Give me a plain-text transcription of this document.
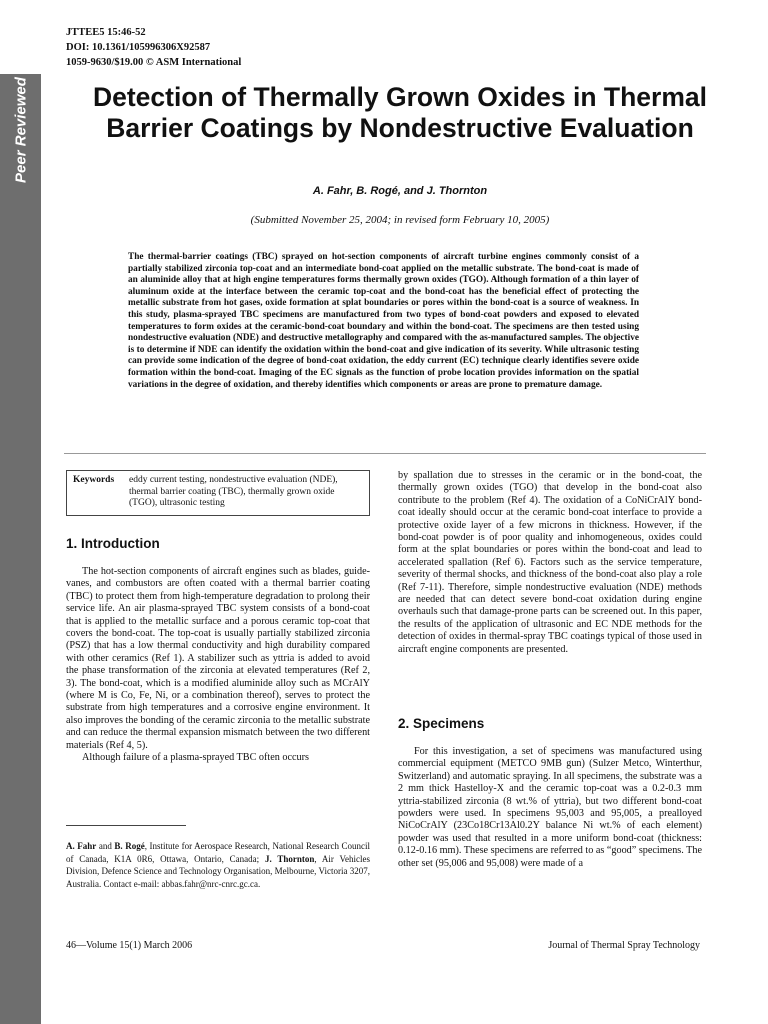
Peer Reviewed
JTTEE5 15:46-52
DOI: 10.1361/105996306X92587
1059-9630/$19.00 © ASM International
Detection of Thermally Grown Oxides in Thermal Barrier Coatings by Nondestructive Evaluation
A. Fahr, B. Rogé, and J. Thornton
(Submitted November 25, 2004; in revised form February 10, 2005)
The thermal-barrier coatings (TBC) sprayed on hot-section components of aircraft turbine engines commonly consist of a partially stabilized zirconia top-coat and an intermediate bond-coat applied on the metallic substrate. The bond-coat is made of an aluminide alloy that at high engine temperatures forms thermally grown oxides (TGO). Although formation of a thin layer of aluminum oxide at the interface between the ceramic top-coat and the bond-coat has the beneficial effect of protecting the metallic substrate from hot gases, oxide formation at splat boundaries or pores within the bond-coat is a source of weakness. In this study, plasma-sprayed TBC specimens are manufactured from two types of bond-coat powders and exposed to elevated temperatures to form oxides at the ceramic-bond-coat boundary and within the bond-coat. The specimens are then tested using nondestructive evaluation (NDE) and destructive metallography and compared with the as-manufactured samples. The objective is to determine if NDE can identify the oxidation within the bond-coat and give indication of its severity. While ultrasonic testing can provide some indication of the degree of bond-coat oxidation, the eddy current (EC) technique clearly identifies severe oxide formation within the bond-coat. Imaging of the EC signals as the function of probe location provides information on the spatial variations in the degree of oxidation, and thereby identifies which components or areas are prone to premature damage.
Keywords	eddy current testing, nondestructive evaluation (NDE), thermal barrier coating (TBC), thermally grown oxide (TGO), ultrasonic testing
1. Introduction

The hot-section components of aircraft engines such as blades, guide-vanes, and combustors are often coated with a thermal barrier coating (TBC) to protect them from high-temperature degradation to prolong their service life. An air plasma-sprayed TBC system consists of a bond-coat that is applied to the metallic surface and a porous ceramic top-coat that covers the bond-coat. The top-coat is usually partially stabilized zirconia (PSZ) that has a low thermal conductivity and high durability compared with other ceramics (Ref 1). A stabilizer such as yttria is added to avoid the phase transformation of the zirconia at elevated temperatures (Ref 2, 3). The bond-coat, which is a modified aluminide alloy such as MCrAlY (where M is Co, Fe, Ni, or a combination thereof), serves to protect the substrate from high temperatures and a corrosive engine environment. It also improves the bonding of the ceramic zirconia to the metallic substrate and can reduce the thermal expansion mismatch between the two different materials (Ref 4, 5).

Although failure of a plasma-sprayed TBC often occurs

by spallation due to stresses in the ceramic or in the bond-coat, the thermally grown oxides (TGO) that develop in the bond-coat also contribute to the problem (Ref 4). The oxidation of a CoNiCrAlY bond-coat ideally should occur at the ceramic bond-coat interface to provide a protective oxide layer of a few microns in thickness. However, if the bond-coat powder is of poor quality and inhomogeneous, oxides could form at the splat boundaries or pores within the bond-coat and lead to accelerated spallation (Ref 6). Factors such as the service temperature, severity of thermal shocks, and thickness of the bond-coat also play a role (Ref 7-11). Therefore, simple nondestructive evaluation (NDE) methods are needed that can detect severe bond-coat oxidation during engine overhauls such that damage-prone parts can be screened out. In this paper, the results of the application of ultrasonic and EC NDE methods for the detection of oxides in thermal-spray TBC coatings typical of those used in aircraft engine components are presented.
2. Specimens

For this investigation, a set of specimens was manufactured using commercial equipment (METCO 9MB gun) (Sulzer Metco, Winterthur, Switzerland) and automatic spraying. In all specimens, the substrate was a 2 mm thick Hastelloy-X and the ceramic top-coat was a 0.2-0.3 mm yttria-stabilized zirconia (8 wt.% of yttria), but two different bond-coat powders were used. In specimens 95,003 and 95,005, a prealloyed NiCoCrAlY (23Co18Cr13Al0.2Y balance Ni wt.% of each element) powder was used that resulted in a more uniform bond-coat (thickness: 0.12-0.16 mm). These specimens are referred to as “good” specimens. The other set (95,006 and 95,008) were made of a

A. Fahr and B. Rogé, Institute for Aerospace Research, National Research Council of Canada, K1A 0R6, Ottawa, Ontario, Canada; J. Thornton, Air Vehicles Division, Defence Science and Technology Organisation, Melbourne, Victoria 3207, Australia. Contact e-mail: abbas.fahr@nrc-cnrc.gc.ca.
46—Volume 15(1) March 2006	Journal of Thermal Spray Technology
